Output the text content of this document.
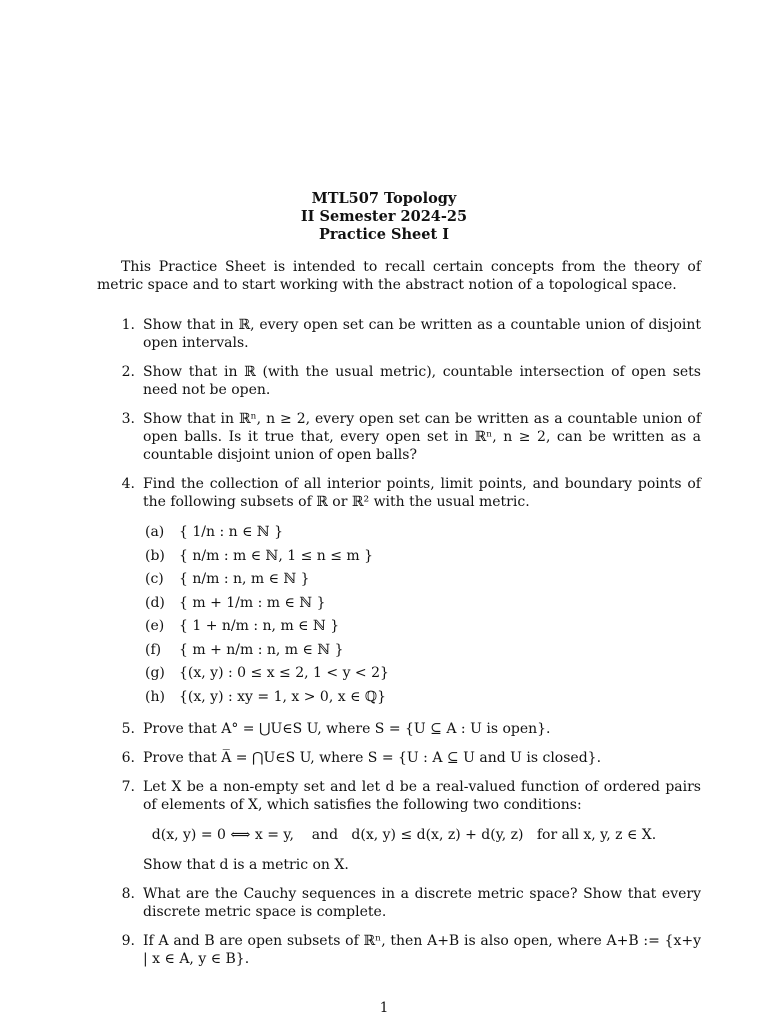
MTL507 Topology
II Semester 2024-25
Practice Sheet I
This Practice Sheet is intended to recall certain concepts from the theory of metric space and to start working with the abstract notion of a topological space.
1. Show that in ℝ, every open set can be written as a countable union of disjoint open intervals.

2. Show that in ℝ (with the usual metric), countable intersection of open sets need not be open.

3. Show that in ℝⁿ, n ≥ 2, every open set can be written as a countable union of open balls. Is it true that, every open set in ℝⁿ, n ≥ 2, can be written as a countable disjoint union of open balls?

4. Find the collection of all interior points, limit points, and boundary points of the following subsets of ℝ or ℝ² with the usual metric.

(a)	{ 1/n : n ∈ ℕ }
(b)	{ n/m : m ∈ ℕ, 1 ≤ n ≤ m }
(c)	{ n/m : n, m ∈ ℕ }
(d)	{ m + 1/m : m ∈ ℕ }
(e)	{ 1 + n/m : n, m ∈ ℕ }
(f)	{ m + n/m : n, m ∈ ℕ }
(g)	{(x, y) : 0 ≤ x ≤ 2, 1 < y < 2}
(h)	{(x, y) : xy = 1, x > 0, x ∈ ℚ}
5. Prove that A° = ⋃U∈S U, where S = {U ⊆ A : U is open}.

6. Prove that A̅ = ⋂U∈S U, where S = {U : A ⊆ U and U is closed}.

7. Let X be a non-empty set and let d be a real-valued function of ordered pairs of elements of X, which satisfies the following two conditions:

d(x, y) = 0 ⟺ x = y,    and   d(x, y) ≤ d(x, z) + d(y, z)   for all x, y, z ∈ X.

Show that d is a metric on X.

8. What are the Cauchy sequences in a discrete metric space? Show that every discrete metric space is complete.

9. If A and B are open subsets of ℝⁿ, then A+B is also open, where A+B := {x+y | x ∈ A, y ∈ B}.

1
